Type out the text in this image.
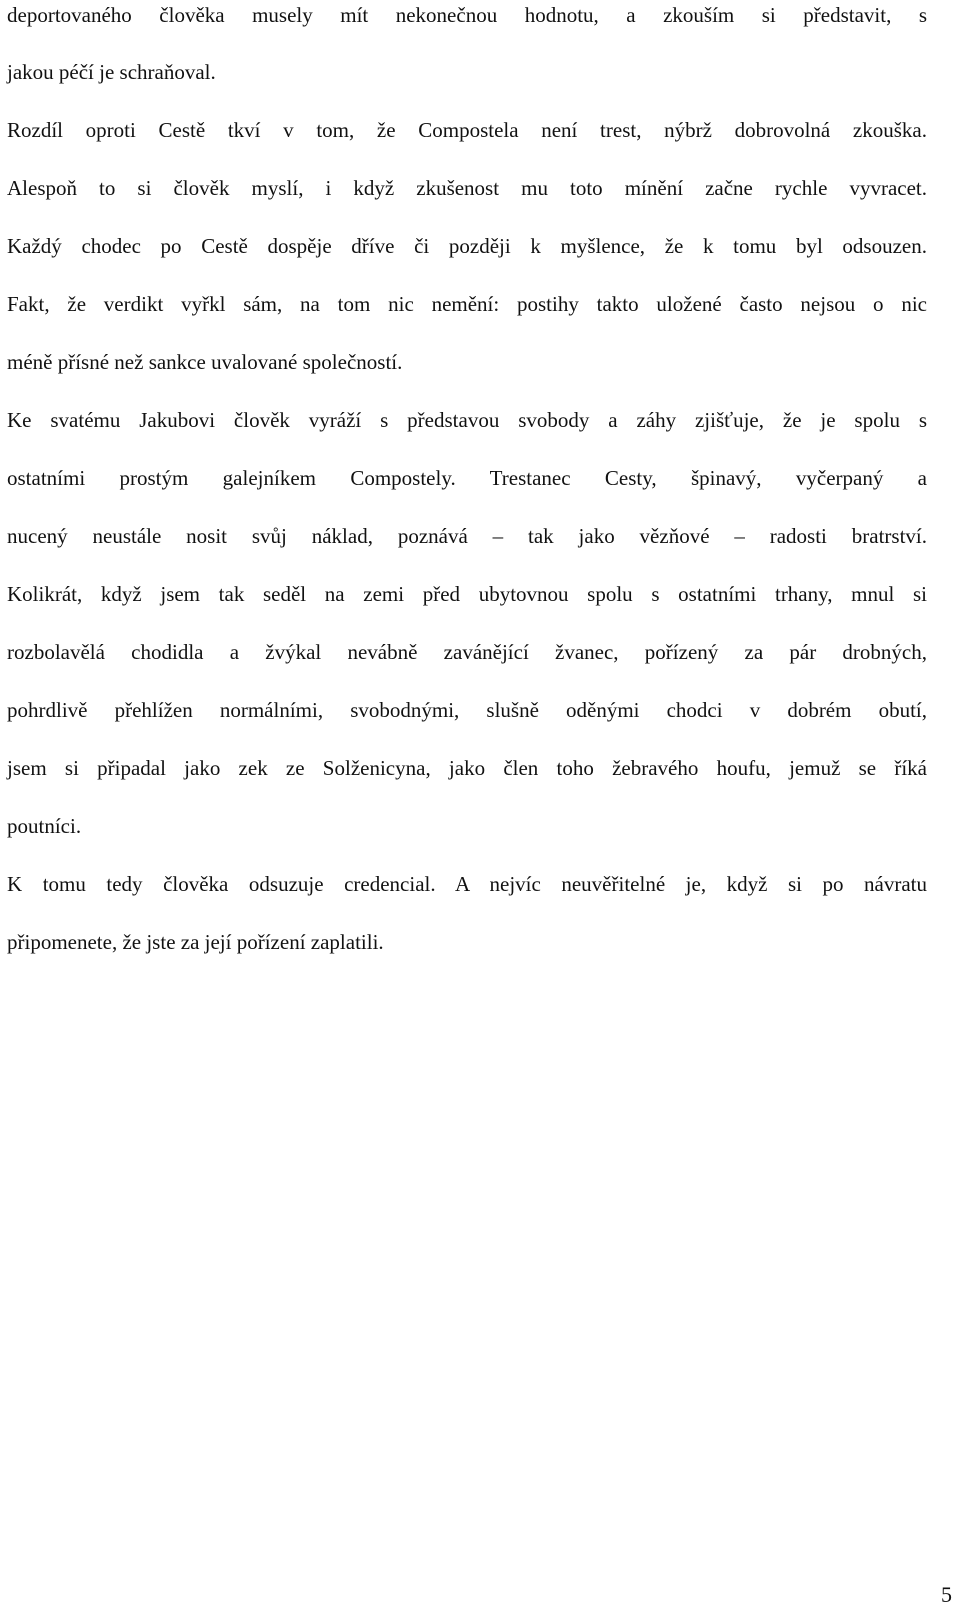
deportovaného člověka musely mít nekonečnou hodnotu, a zkouším si představit, s
jakou péčí je schraňoval.
Rozdíl oproti Cestě tkví v tom, že Compostela není trest, nýbrž dobrovolná zkouška.
Alespoň to si člověk myslí, i když zkušenost mu toto mínění začne rychle vyvracet.
Každý chodec po Cestě dospěje dříve či později k myšlence, že k tomu byl odsouzen.
Fakt, že verdikt vyřkl sám, na tom nic nemění: postihy takto uložené často nejsou o nic
méně přísné než sankce uvalované společností.
Ke svatému Jakubovi člověk vyráží s představou svobody a záhy zjišťuje, že je spolu s
ostatními prostým galejníkem Compostely. Trestanec Cesty, špinavý, vyčerpaný a
nucený neustále nosit svůj náklad, poznává – tak jako vězňové – radosti bratrství.
Kolikrát, když jsem tak seděl na zemi před ubytovnou spolu s ostatními trhany, mnul si
rozbolavělá chodidla a žvýkal nevábně zavánějící žvanec, pořízený za pár drobných,
pohrdlivě přehlížen normálními, svobodnými, slušně oděnými chodci v dobrém obutí,
jsem si připadal jako zek ze Solženicyna, jako člen toho žebravého houfu, jemuž se říká
poutníci.
K tomu tedy člověka odsuzuje credencial. A nejvíc neuvěřitelné je, když si po návratu
připomenete, že jste za její pořízení zaplatili.
5
